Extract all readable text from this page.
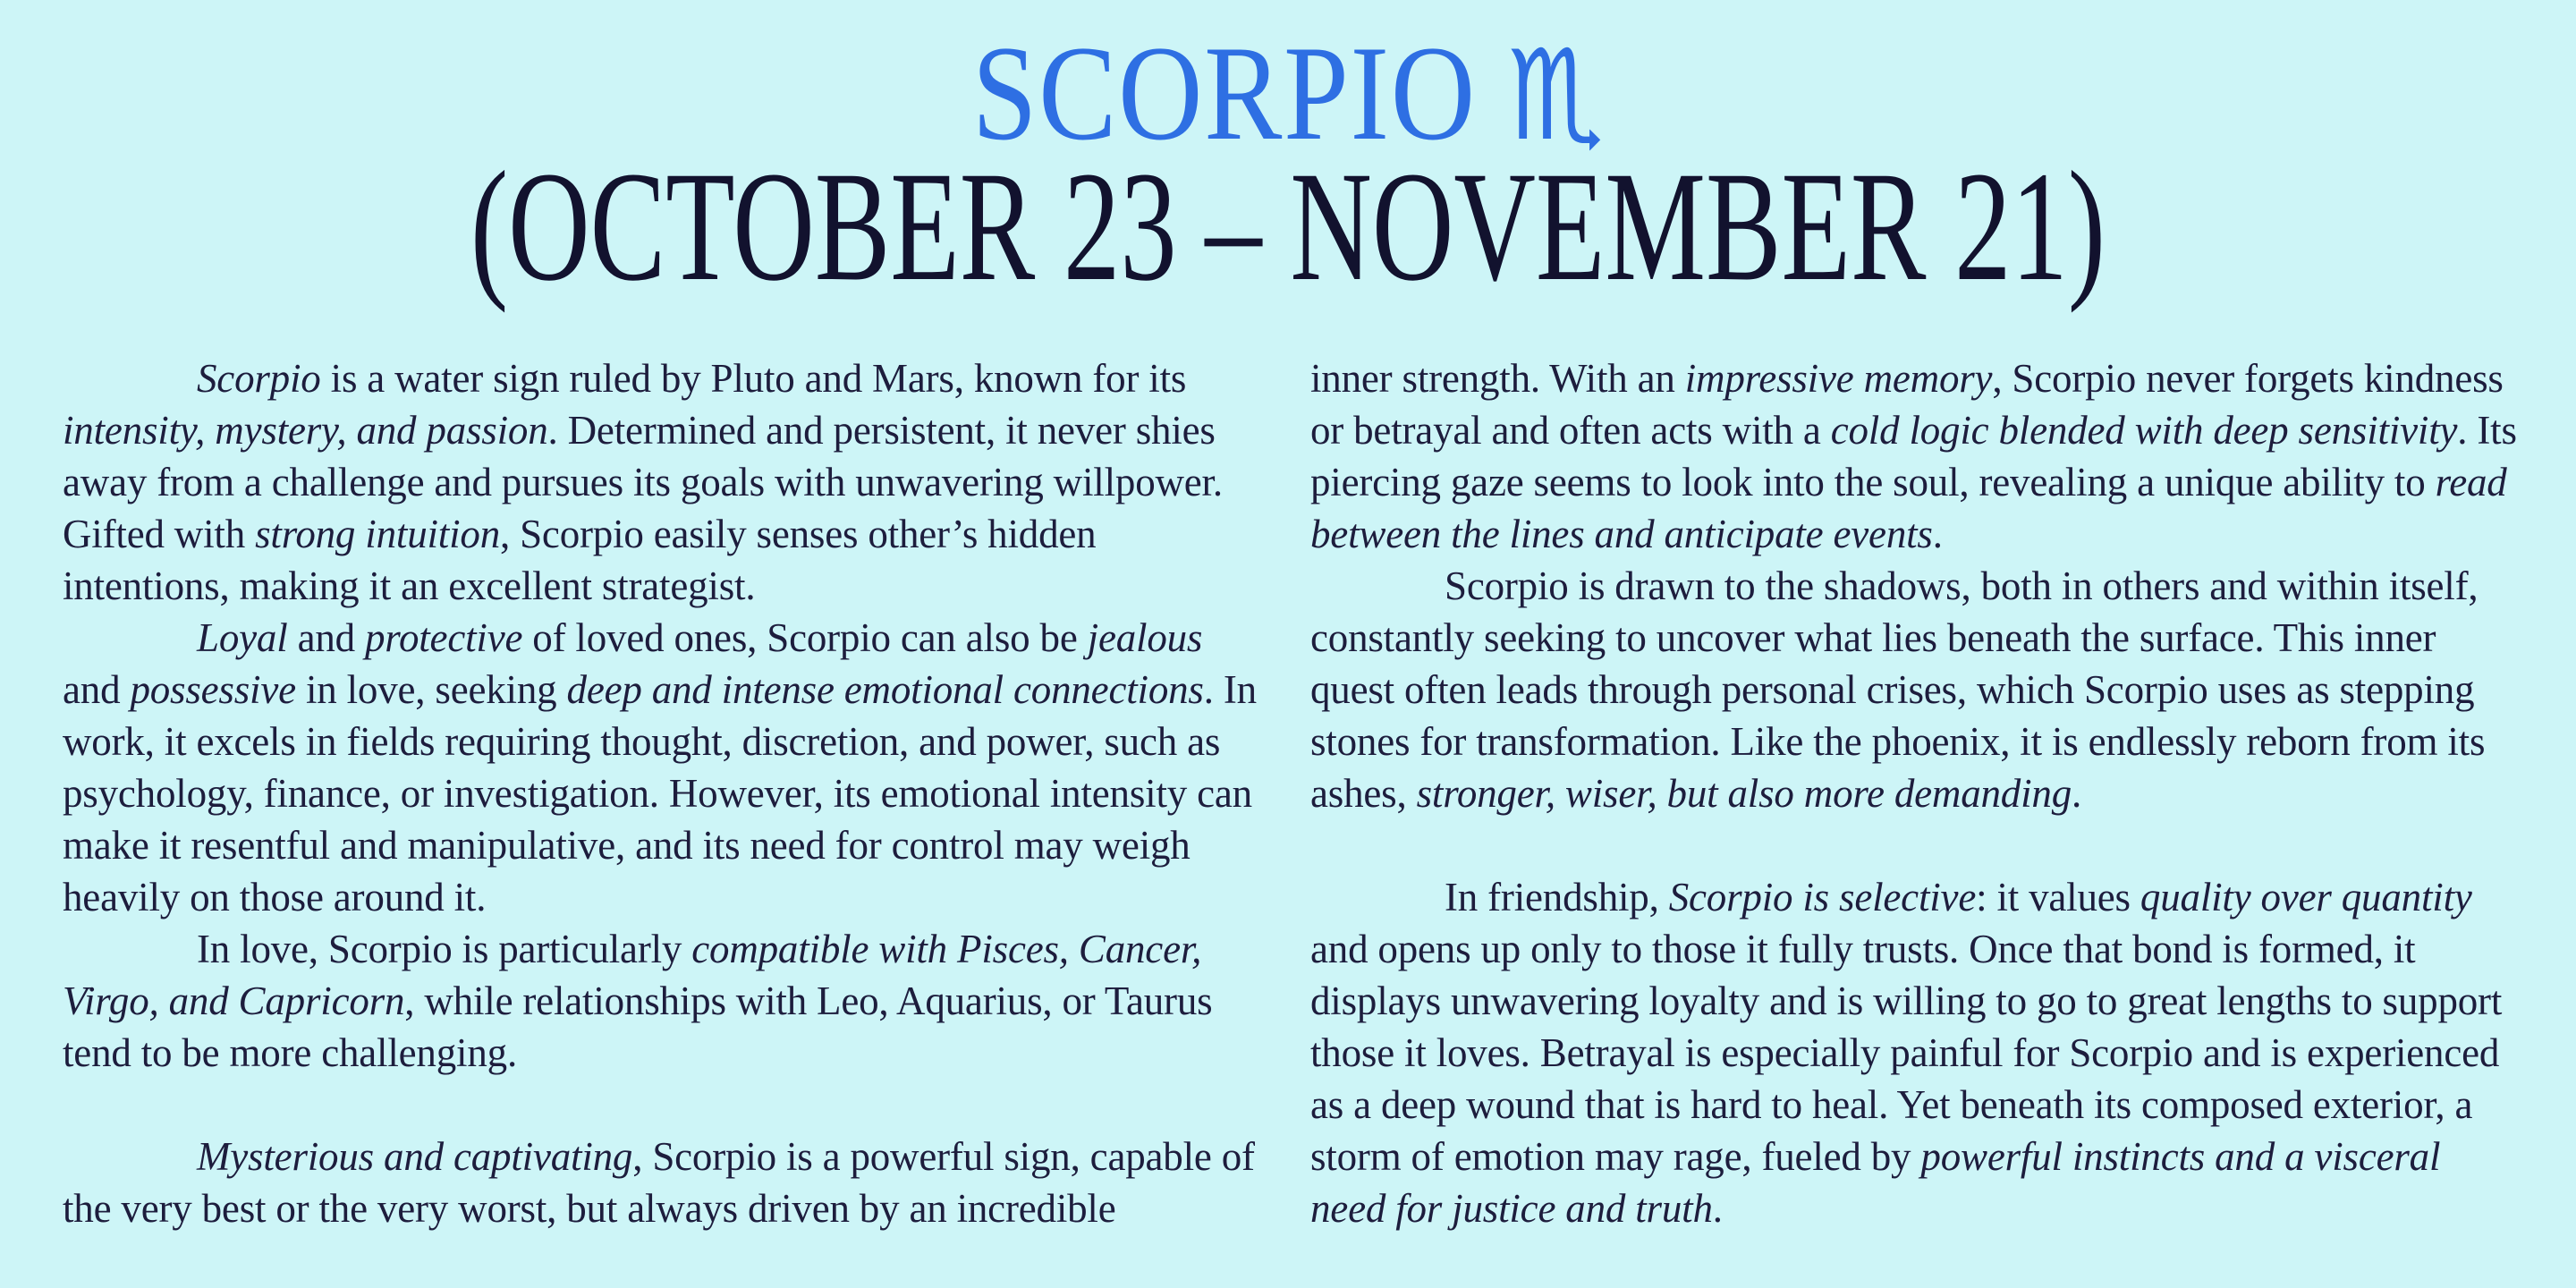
SCORPIO ♏
(OCTOBER 23 – NOVEMBER 21)

Scorpio is a water sign ruled by Pluto and Mars, known for its intensity, mystery, and passion. Determined and persistent, it never shies away from a challenge and pursues its goals with unwavering willpower. Gifted with strong intuition, Scorpio easily senses other’s hidden intentions, making it an excellent strategist.

Loyal and protective of loved ones, Scorpio can also be jealous and possessive in love, seeking deep and intense emotional connections. In work, it excels in fields requiring thought, discretion, and power, such as psychology, finance, or investigation. However, its emotional intensity can make it resentful and manipulative, and its need for control may weigh heavily on those around it.

In love, Scorpio is particularly compatible with Pisces, Cancer, Virgo, and Capricorn, while relationships with Leo, Aquarius, or Taurus tend to be more challenging.

Mysterious and captivating, Scorpio is a powerful sign, capable of the very best or the very worst, but always driven by an incredible

inner strength. With an impressive memory, Scorpio never forgets kindness or betrayal and often acts with a cold logic blended with deep sensitivity. Its piercing gaze seems to look into the soul, revealing a unique ability to read between the lines and anticipate events.

Scorpio is drawn to the shadows, both in others and within itself, constantly seeking to uncover what lies beneath the surface. This inner quest often leads through personal crises, which Scorpio uses as stepping stones for transformation. Like the phoenix, it is endlessly reborn from its ashes, stronger, wiser, but also more demanding.

In friendship, Scorpio is selective: it values quality over quantity and opens up only to those it fully trusts. Once that bond is formed, it displays unwavering loyalty and is willing to go to great lengths to support those it loves. Betrayal is especially painful for Scorpio and is experienced as a deep wound that is hard to heal. Yet beneath its composed exterior, a storm of emotion may rage, fueled by powerful instincts and a visceral need for justice and truth.
